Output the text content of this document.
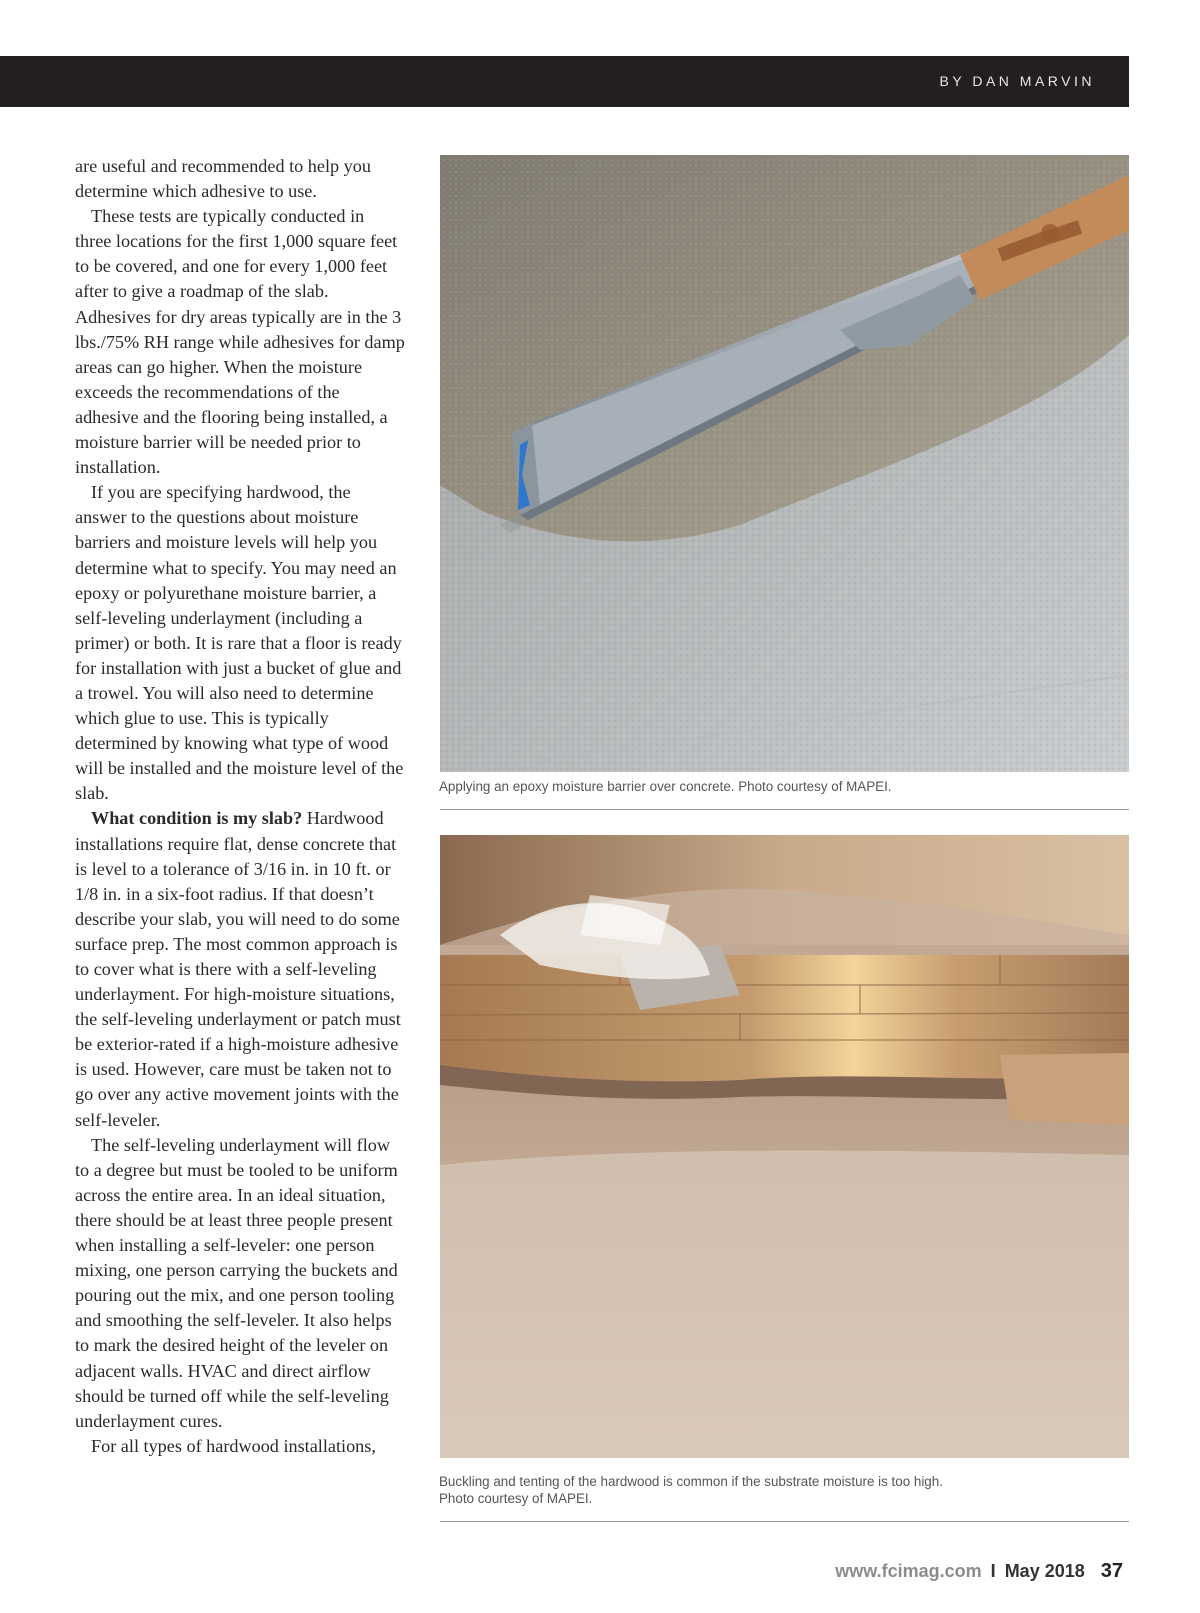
BY DAN MARVIN

are useful and recommended to help you determine which adhesive to use.

These tests are typically conducted in three locations for the first 1,000 square feet to be covered, and one for every 1,000 feet after to give a roadmap of the slab. Adhesives for dry areas typically are in the 3 lbs./75% RH range while adhesives for damp areas can go higher. When the moisture exceeds the recommendations of the adhesive and the flooring being installed, a moisture barrier will be needed prior to installation.

If you are specifying hardwood, the answer to the questions about moisture barriers and moisture levels will help you determine what to specify. You may need an epoxy or polyurethane moisture barrier, a self-leveling underlayment (including a primer) or both. It is rare that a floor is ready for installation with just a bucket of glue and a trowel. You will also need to determine which glue to use. This is typically determined by knowing what type of wood will be installed and the moisture level of the slab.

What condition is my slab? Hardwood installations require flat, dense concrete that is level to a tolerance of 3/16 in. in 10 ft. or 1/8 in. in a six-foot radius. If that doesn’t describe your slab, you will need to do some surface prep. The most common approach is to cover what is there with a self-leveling underlayment. For high-moisture situations, the self-leveling underlayment or patch must be exterior-rated if a high-moisture adhesive is used. However, care must be taken not to go over any active movement joints with the self-leveler.

The self-leveling underlayment will flow to a degree but must be tooled to be uniform across the entire area. In an ideal situation, there should be at least three people present when installing a self-leveler: one person mixing, one person carrying the buckets and pouring out the mix, and one person tooling and smoothing the self-leveler. It also helps to mark the desired height of the leveler on adjacent walls. HVAC and direct airflow should be turned off while the self-leveling underlayment cures.

For all types of hardwood installations,

Applying an epoxy moisture barrier over concrete. Photo courtesy of MAPEI.
Buckling and tenting of the hardwood is common if the substrate moisture is too high.
Photo courtesy of MAPEI.
www.fcimag.com I May 2018 37
